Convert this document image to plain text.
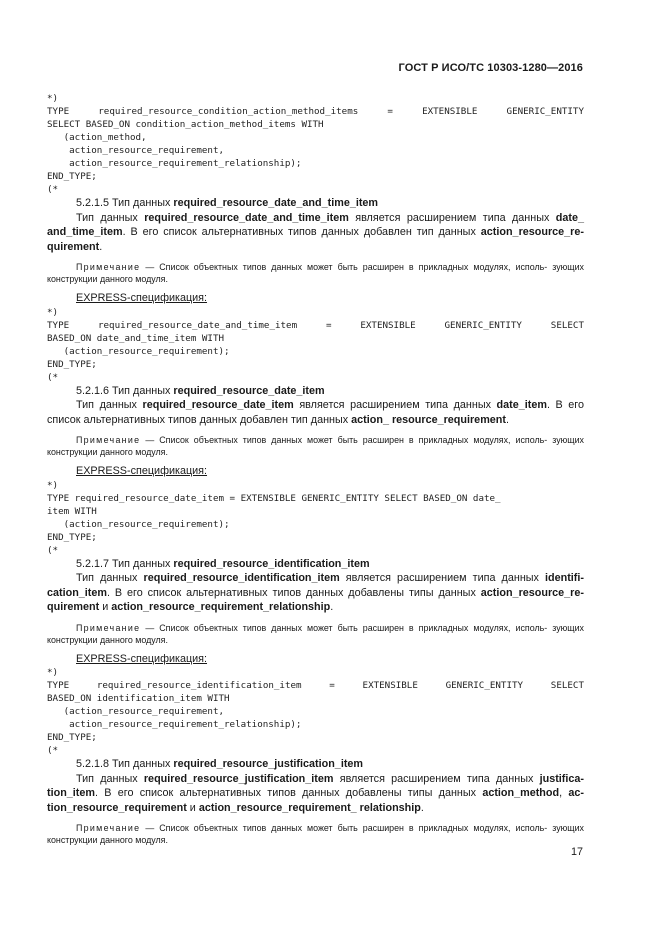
ГОСТ Р ИСО/ТС 10303-1280—2016
*)
TYPE required_resource_condition_action_method_items = EXTENSIBLE GENERIC_ENTITY
SELECT BASED_ON condition_action_method_items WITH
(action_method,
action_resource_requirement,
action_resource_requirement_relationship);
END_TYPE;
(*

5.2.1.5 Тип данных required_resource_date_and_time_item

Тип данных required_resource_date_and_time_item является расширением типа данных date_ and_time_item. В его список альтернативных типов данных добавлен тип данных action_resource_re- quirement.

Примечание — Список объектных типов данных может быть расширен в прикладных модулях, исполь- зующих конструкции данного модуля.

EXPRESS-спецификация:

*)
TYPE required_resource_date_and_time_item = EXTENSIBLE GENERIC_ENTITY SELECT
BASED_ON date_and_time_item WITH
(action_resource_requirement);
END_TYPE;
(*

5.2.1.6 Тип данных required_resource_date_item

Тип данных required_resource_date_item является расширением типа данных date_item. В его список альтернативных типов данных добавлен тип данных action_ resource_requirement.

Примечание — Список объектных типов данных может быть расширен в прикладных модулях, исполь- зующих конструкции данного модуля.

EXPRESS-спецификация:

*)
TYPE required_resource_date_item = EXTENSIBLE GENERIC_ENTITY SELECT BASED_ON date_
item WITH
(action_resource_requirement);
END_TYPE;
(*

5.2.1.7 Тип данных required_resource_identification_item

Тип данных required_resource_identification_item является расширением типа данных identifi- cation_item. В его список альтернативных типов данных добавлены типы данных action_resource_re- quirement и action_resource_requirement_relationship.

Примечание — Список объектных типов данных может быть расширен в прикладных модулях, исполь- зующих конструкции данного модуля.

EXPRESS-спецификация:

*)
TYPE required_resource_identification_item = EXTENSIBLE GENERIC_ENTITY SELECT
BASED_ON identification_item WITH
(action_resource_requirement,
action_resource_requirement_relationship);
END_TYPE;
(*

5.2.1.8 Тип данных required_resource_justification_item

Тип данных required_resource_justification_item является расширением типа данных justifica- tion_item. В его список альтернативных типов данных добавлены типы данных action_method, ac- tion_resource_requirement и action_resource_requirement_ relationship.

Примечание — Список объектных типов данных может быть расширен в прикладных модулях, исполь- зующих конструкции данного модуля.

17
